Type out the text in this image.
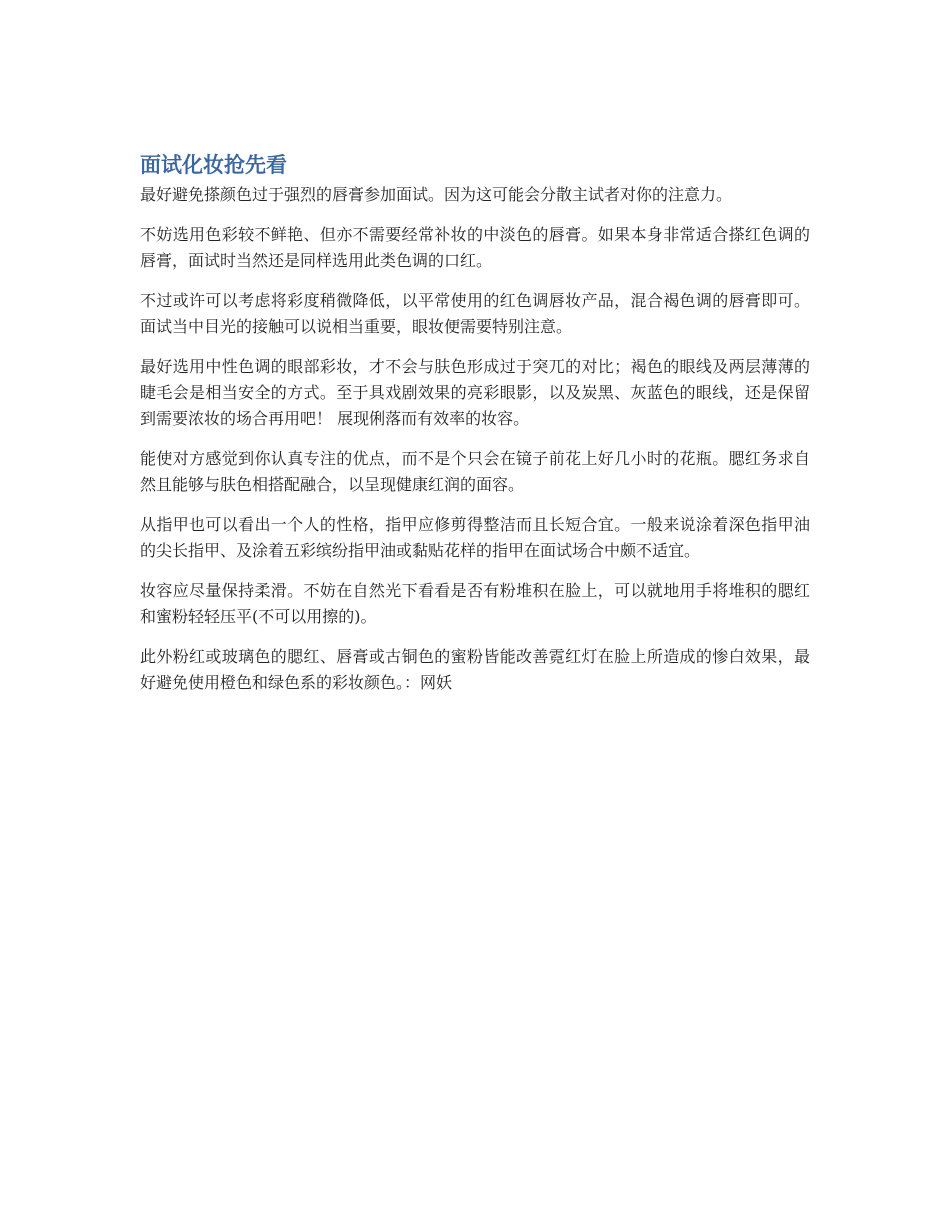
面试化妆抢先看

最好避免搽颜色过于强烈的唇膏参加面试。因为这可能会分散主试者对你的注意力。

不妨选用色彩较不鲜艳、但亦不需要经常补妆的中淡色的唇膏。如果本身非常适合搽红色调的唇膏，面试时当然还是同样选用此类色调的口红。

不过或许可以考虑将彩度稍微降低，以平常使用的红色调唇妆产品，混合褐色调的唇膏即可。 面试当中目光的接触可以说相当重要，眼妆便需要特别注意。

最好选用中性色调的眼部彩妆，才不会与肤色形成过于突兀的对比；褐色的眼线及两层薄薄的睫毛会是相当安全的方式。至于具戏剧效果的亮彩眼影，以及炭黑、灰蓝色的眼线，还是保留到需要浓妆的场合再用吧！ 展现俐落而有效率的妆容。

能使对方感觉到你认真专注的优点，而不是个只会在镜子前花上好几小时的花瓶。腮红务求自然且能够与肤色相搭配融合，以呈现健康红润的面容。

从指甲也可以看出一个人的性格，指甲应修剪得整洁而且长短合宜。一般来说涂着深色指甲油的尖长指甲、及涂着五彩缤纷指甲油或黏贴花样的指甲在面试场合中颇不适宜。

妆容应尽量保持柔滑。不妨在自然光下看看是否有粉堆积在脸上，可以就地用手将堆积的腮红和蜜粉轻轻压平(不可以用擦的)。

此外粉红或玻璃色的腮红、唇膏或古铜色的蜜粉皆能改善霓红灯在脸上所造成的惨白效果，最好避免使用橙色和绿色系的彩妆颜色。：网妖
